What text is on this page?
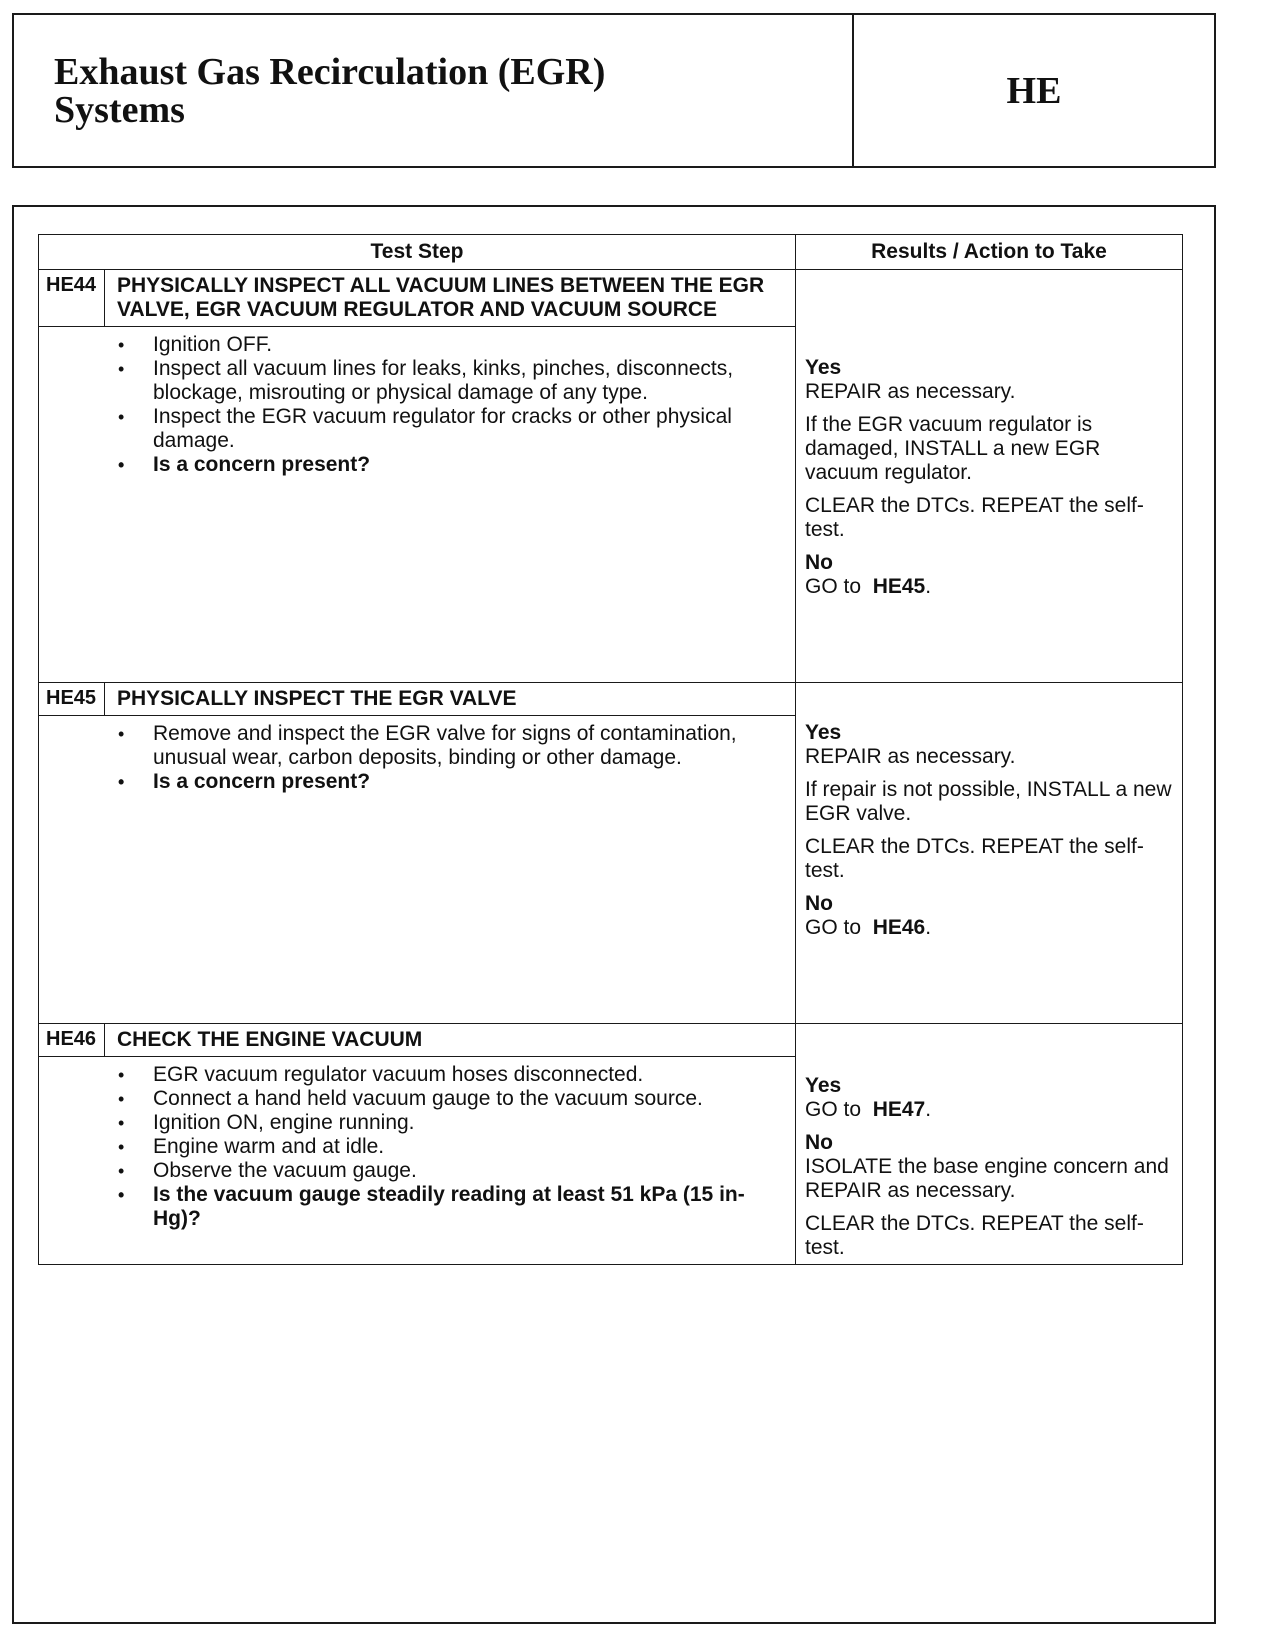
Exhaust Gas Recirculation (EGR)
Systems	HE
Test Step	Results / Action to Take
HE44 PHYSICALLY INSPECT ALL VACUUM LINES BETWEEN THE EGR VALVE, EGR VACUUM REGULATOR AND VACUUM SOURCE
• Ignition OFF.
• Inspect all vacuum lines for leaks, kinks, pinches, disconnects, blockage, misrouting or physical damage of any type.
• Inspect the EGR vacuum regulator for cracks or other physical damage.
• Is a concern present?

Yes

REPAIR as necessary.

If the EGR vacuum regulator is damaged, INSTALL a new EGR vacuum regulator.

CLEAR the DTCs. REPEAT the self-test.

No

GO to HE45.

HE45 PHYSICALLY INSPECT THE EGR VALVE
• Remove and inspect the EGR valve for signs of contamination, unusual wear, carbon deposits, binding or other damage.
• Is a concern present?

Yes

REPAIR as necessary.

If repair is not possible, INSTALL a new EGR valve.

CLEAR the DTCs. REPEAT the self-test.

No

GO to HE46.

HE46 CHECK THE ENGINE VACUUM
• EGR vacuum regulator vacuum hoses disconnected.
• Connect a hand held vacuum gauge to the vacuum source.
• Ignition ON, engine running.
• Engine warm and at idle.
• Observe the vacuum gauge.
• Is the vacuum gauge steadily reading at least 51 kPa (15 in-Hg)?

Yes

GO to HE47.

No

ISOLATE the base engine concern and REPAIR as necessary.

CLEAR the DTCs. REPEAT the self-test.
